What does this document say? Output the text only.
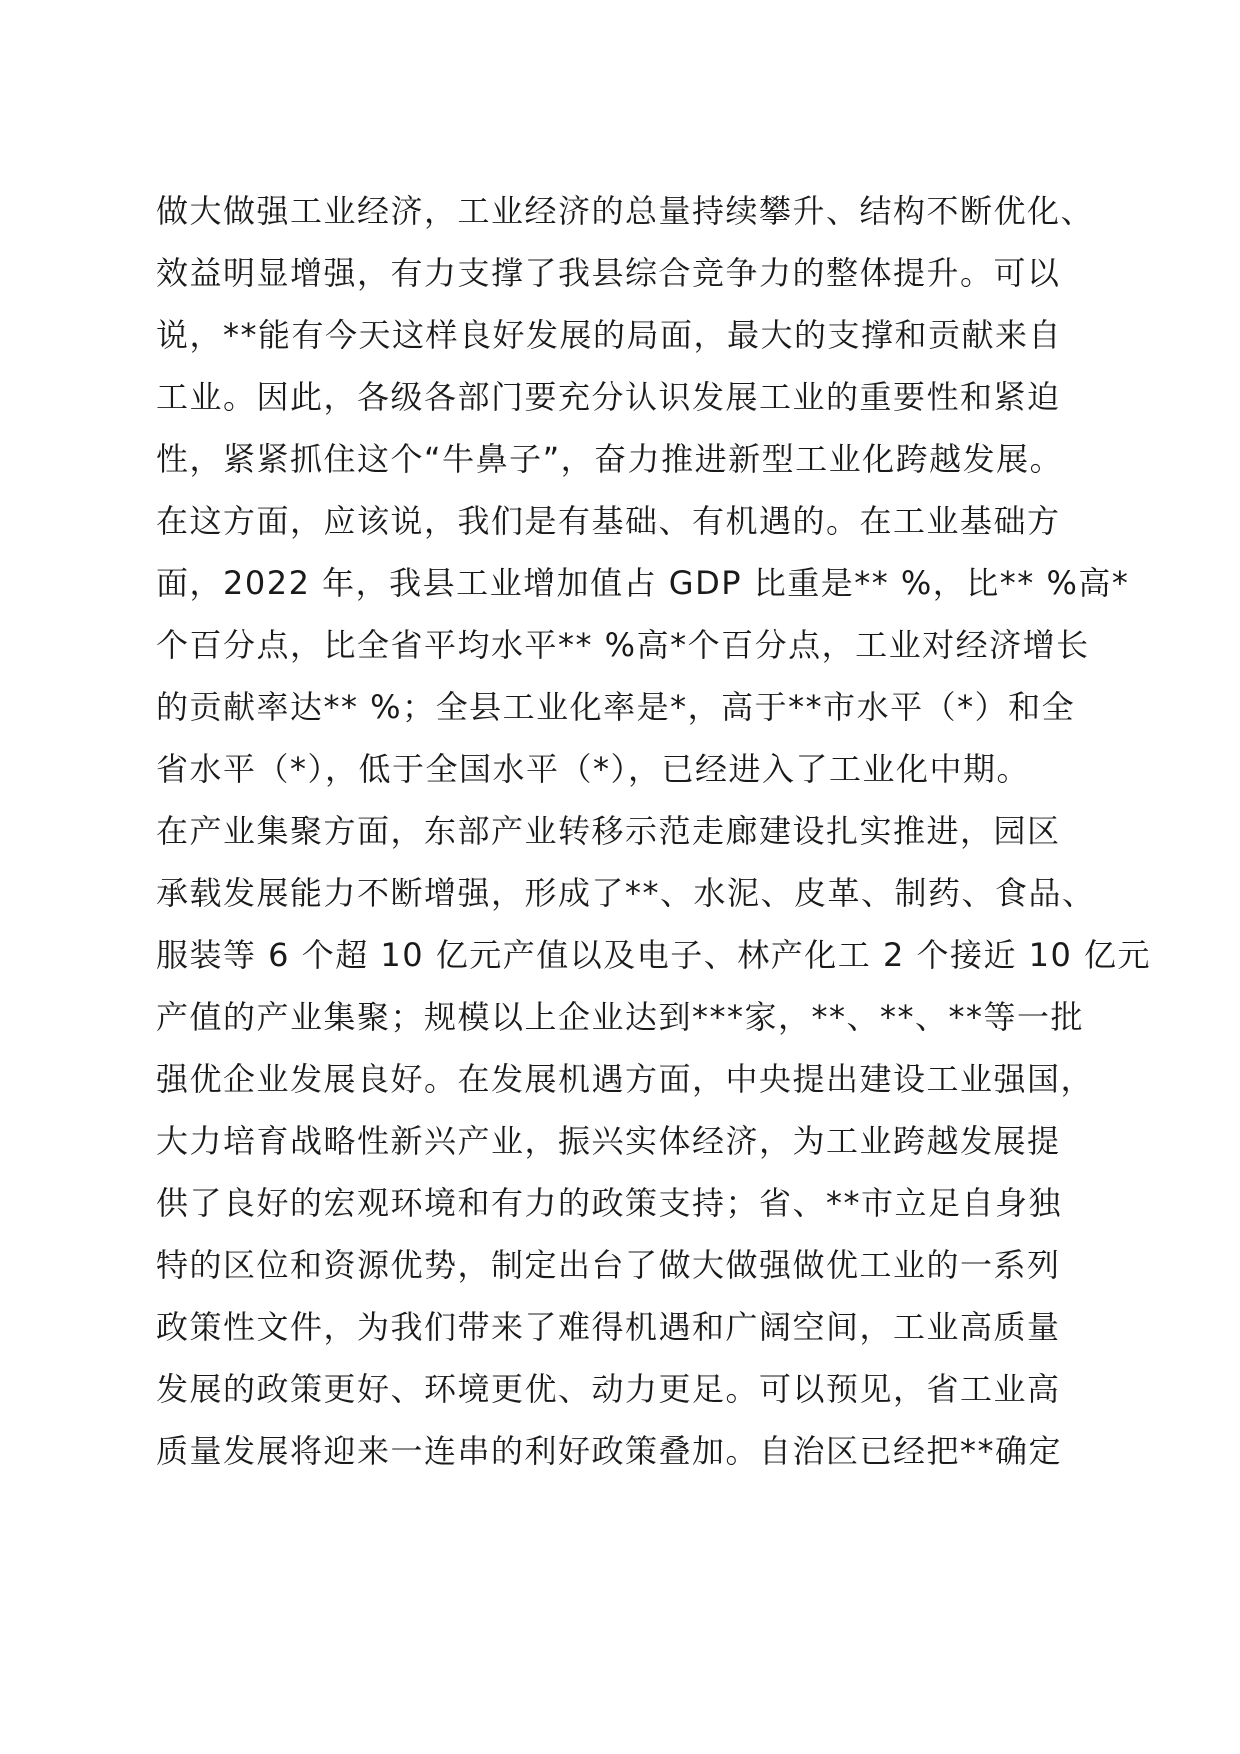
做大做强工业经济，工业经济的总量持续攀升、结构不断优化、
效益明显增强，有力支撑了我县综合竞争力的整体提升。可以
说，**能有今天这样良好发展的局面，最大的支撑和贡献来自
工业。因此，各级各部门要充分认识发展工业的重要性和紧迫
性，紧紧抓住这个“牛鼻子”，奋力推进新型工业化跨越发展。
在这方面，应该说，我们是有基础、有机遇的。在工业基础方
面，2022 年，我县工业增加值占 GDP 比重是** %，比** %高*
个百分点，比全省平均水平** %高*个百分点，工业对经济增长
的贡献率达** %；全县工业化率是*，高于**市水平（*）和全
省水平（*），低于全国水平（*），已经进入了工业化中期。
在产业集聚方面，东部产业转移示范走廊建设扎实推进，园区
承载发展能力不断增强，形成了**、水泥、皮革、制药、食品、
服装等 6 个超 10 亿元产值以及电子、林产化工 2 个接近 10 亿元
产值的产业集聚；规模以上企业达到***家，**、**、**等一批
强优企业发展良好。在发展机遇方面，中央提出建设工业强国，
大力培育战略性新兴产业，振兴实体经济，为工业跨越发展提
供了良好的宏观环境和有力的政策支持；省、**市立足自身独
特的区位和资源优势，制定出台了做大做强做优工业的一系列
政策性文件，为我们带来了难得机遇和广阔空间，工业高质量
发展的政策更好、环境更优、动力更足。可以预见，省工业高
质量发展将迎来一连串的利好政策叠加。自治区已经把**确定
